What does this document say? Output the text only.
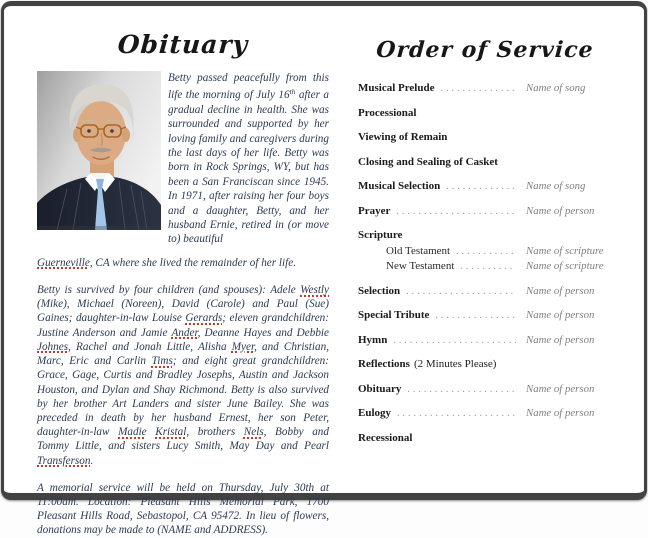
Obituary

Betty passed peacefully from this life the morning of July 16th after a gradual decline in health. She was surrounded and supported by her loving family and caregivers during the last days of her life. Betty was born in Rock Springs, WY, but has been a San Franciscan since 1945. In 1971, after raising her four boys and a daughter, Betty, and her husband Ernie, retired in (or move to) beautiful

Guerneville, CA where she lived the remainder of her life.

Betty is survived by four children (and spouses): Adele Westly (Mike), Michael (Noreen), David (Carole) and Paul (Sue) Gaines; daughter-in-law Louise Gerards; eleven grandchildren: Justine Anderson and Jamie Ander, Deanne Hayes and Debbie Johnes, Rachel and Jonah Little, Alisha Myer, and Christian, Marc, Eric and Carlin Tims; and eight great grandchildren: Grace, Gage, Curtis and Bradley Josephs, Austin and Jackson Houston, and Dylan and Shay Richmond. Betty is also survived by her brother Art Landers and sister June Bailey. She was preceded in death by her husband Ernest, her son Peter, daughter-in-law Madie Kristal, brothers Nels, Bobby and Tommy Little, and sisters Lucy Smith, May Day and Pearl Transferson.

A memorial service will be held on Thursday, July 30th at 11:00am. Location: Pleasant Hills Memorial Park, 1700 Pleasant Hills Road, Sebastopol, CA 95472. In lieu of flowers, donations may be made to (NAME and ADDRESS).

Order of Service
Musical Prelude .....	Name of song
Processional
Viewing of Remain
Closing and Sealing of Casket
Musical Selection .....	Name of song
Prayer .....	Name of person
Scripture
Old Testament .....	Name of scripture
New Testament .....	Name of scripture
Selection .....	Name of person
Special Tribute .....	Name of person
Hymn .....	Name of person
Reflections (2 Minutes Please)
Obituary .....	Name of person
Eulogy .....	Name of person
Recessional
